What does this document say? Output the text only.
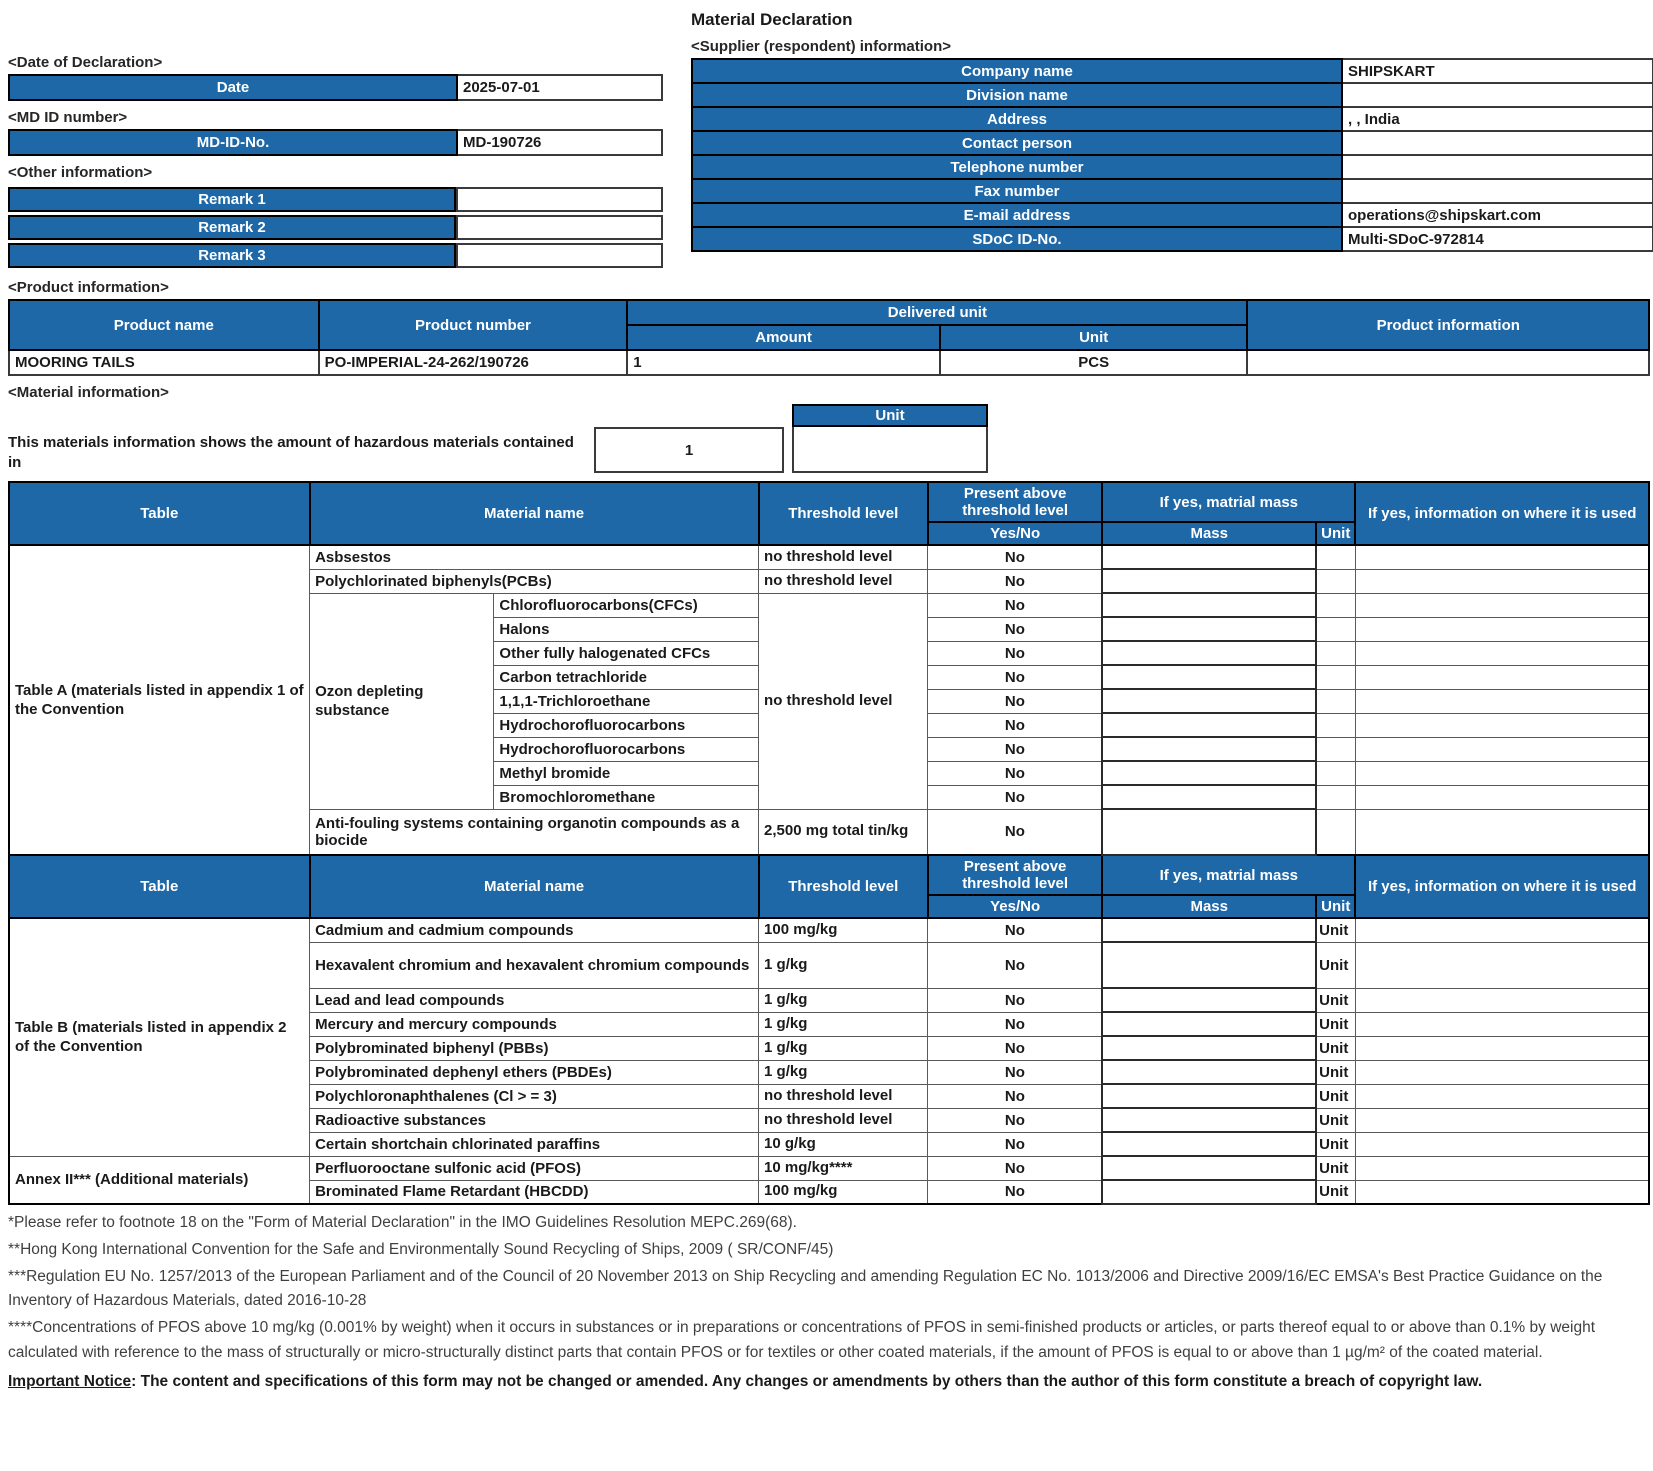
<Date of Declaration>
Date	2025-07-01
<MD ID number>
MD-ID-No.	MD-190726
<Other information>
Remark 1	
Remark 2	
Remark 3	
Material Declaration
<Supplier (respondent) information>
Company name	SHIPSKART
Division name	
Address	, , India
Contact person	
Telephone number	
Fax number	
E-mail address	operations@shipskart.com
SDoC ID-No.	Multi-SDoC-972814
<Product information>
Product name	Product number	Delivered unit		Product information
		Amount	Unit	
MOORING TAILS	PO-IMPERIAL-24-262/190726	1	PCS	
<Material information>
This materials information shows the amount of hazardous materials contained in
1
Unit
Table	Material name		Threshold level	Present above threshold level	If yes, matrial mass		If yes, information on where it is used
				Yes/No	Mass	Unit	
Table A (materials listed in appendix 1 of the Convention	Asbsestos		no threshold level	No			
	Polychlorinated biphenyls(PCBs)		no threshold level	No			
	Ozon depleting substance	Chlorofluorocarbons(CFCs)	no threshold level	No			
		Halons		No			
		Other fully halogenated CFCs		No			
		Carbon tetrachloride		No			
		1,1,1-Trichloroethane		No			
		Hydrochorofluorocarbons		No			
		Hydrochorofluorocarbons		No			
		Methyl bromide		No			
		Bromochloromethane		No			
	Anti-fouling systems containing organotin compounds as a biocide		2,500 mg total tin/kg	No			
Table	Material name		Threshold level	Present above threshold level	If yes, matrial mass		If yes, information on where it is used
				Yes/No	Mass	Unit	
Table B (materials listed in appendix 2 of the Convention	Cadmium and cadmium compounds		100 mg/kg	No		Unit	
	Hexavalent chromium and hexavalent chromium compounds		1 g/kg	No		Unit	
	Lead and lead compounds		1 g/kg	No		Unit	
	Mercury and mercury compounds		1 g/kg	No		Unit	
	Polybrominated biphenyl (PBBs)		1 g/kg	No		Unit	
	Polybrominated dephenyl ethers (PBDEs)		1 g/kg	No		Unit	
	Polychloronaphthalenes (Cl > = 3)		no threshold level	No		Unit	
	Radioactive substances		no threshold level	No		Unit	
	Certain shortchain chlorinated paraffins		10 g/kg	No		Unit	
Annex II*** (Additional materials)	Perfluorooctane sulfonic acid (PFOS)		10 mg/kg****	No		Unit	
	Brominated Flame Retardant (HBCDD)		100 mg/kg	No		Unit	

*Please refer to footnote 18 on the "Form of Material Declaration" in the IMO Guidelines Resolution MEPC.269(68).

**Hong Kong International Convention for the Safe and Environmentally Sound Recycling of Ships, 2009 ( SR/CONF/45)

***Regulation EU No. 1257/2013 of the European Parliament and of the Council of 20 November 2013 on Ship Recycling and amending Regulation EC No. 1013/2006 and Directive 2009/16/EC EMSA's Best Practice Guidance on the Inventory of Hazardous Materials, dated 2016-10-28

****Concentrations of PFOS above 10 mg/kg (0.001% by weight) when it occurs in substances or in preparations or concentrations of PFOS in semi-finished products or articles, or parts thereof equal to or above than 0.1% by weight calculated with reference to the mass of structurally or micro-structurally distinct parts that contain PFOS or for textiles or other coated materials, if the amount of PFOS is equal to or above than 1 µg/m² of the coated material.

Important Notice: The content and specifications of this form may not be changed or amended. Any changes or amendments by others than the author of this form constitute a breach of copyright law.
